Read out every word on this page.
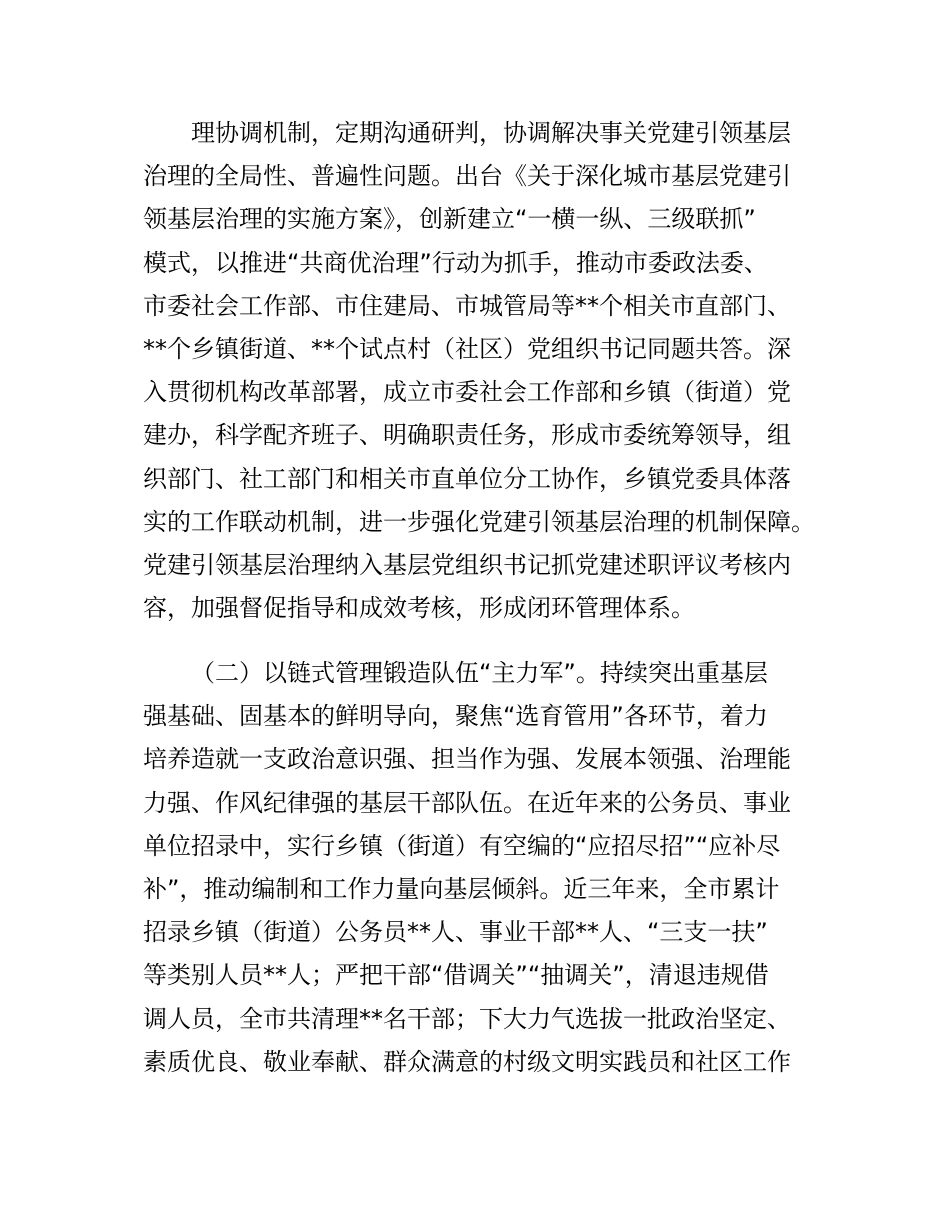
理协调机制，定期沟通研判，协调解决事关党建引领基层
治理的全局性、普遍性问题。出台《关于深化城市基层党建引
领基层治理的实施方案》，创新建立“一横一纵、三级联抓”
模式，以推进“共商优治理”行动为抓手，推动市委政法委、
市委社会工作部、市住建局、市城管局等**个相关市直部门、
**个乡镇街道、**个试点村（社区）党组织书记同题共答。深
入贯彻机构改革部署，成立市委社会工作部和乡镇（街道）党
建办，科学配齐班子、明确职责任务，形成市委统筹领导，组
织部门、社工部门和相关市直单位分工协作，乡镇党委具体落
实的工作联动机制，进一步强化党建引领基层治理的机制保障。
党建引领基层治理纳入基层党组织书记抓党建述职评议考核内
容，加强督促指导和成效考核，形成闭环管理体系。
（二）以链式管理锻造队伍“主力军”。持续突出重基层
强基础、固基本的鲜明导向，聚焦“选育管用”各环节，着力
培养造就一支政治意识强、担当作为强、发展本领强、治理能
力强、作风纪律强的基层干部队伍。在近年来的公务员、事业
单位招录中，实行乡镇（街道）有空编的“应招尽招”“应补尽
补”，推动编制和工作力量向基层倾斜。近三年来，全市累计
招录乡镇（街道）公务员**人、事业干部**人、“三支一扶”
等类别人员**人；严把干部“借调关”“抽调关”，清退违规借
调人员，全市共清理**名干部；下大力气选拔一批政治坚定、
素质优良、敬业奉献、群众满意的村级文明实践员和社区工作
